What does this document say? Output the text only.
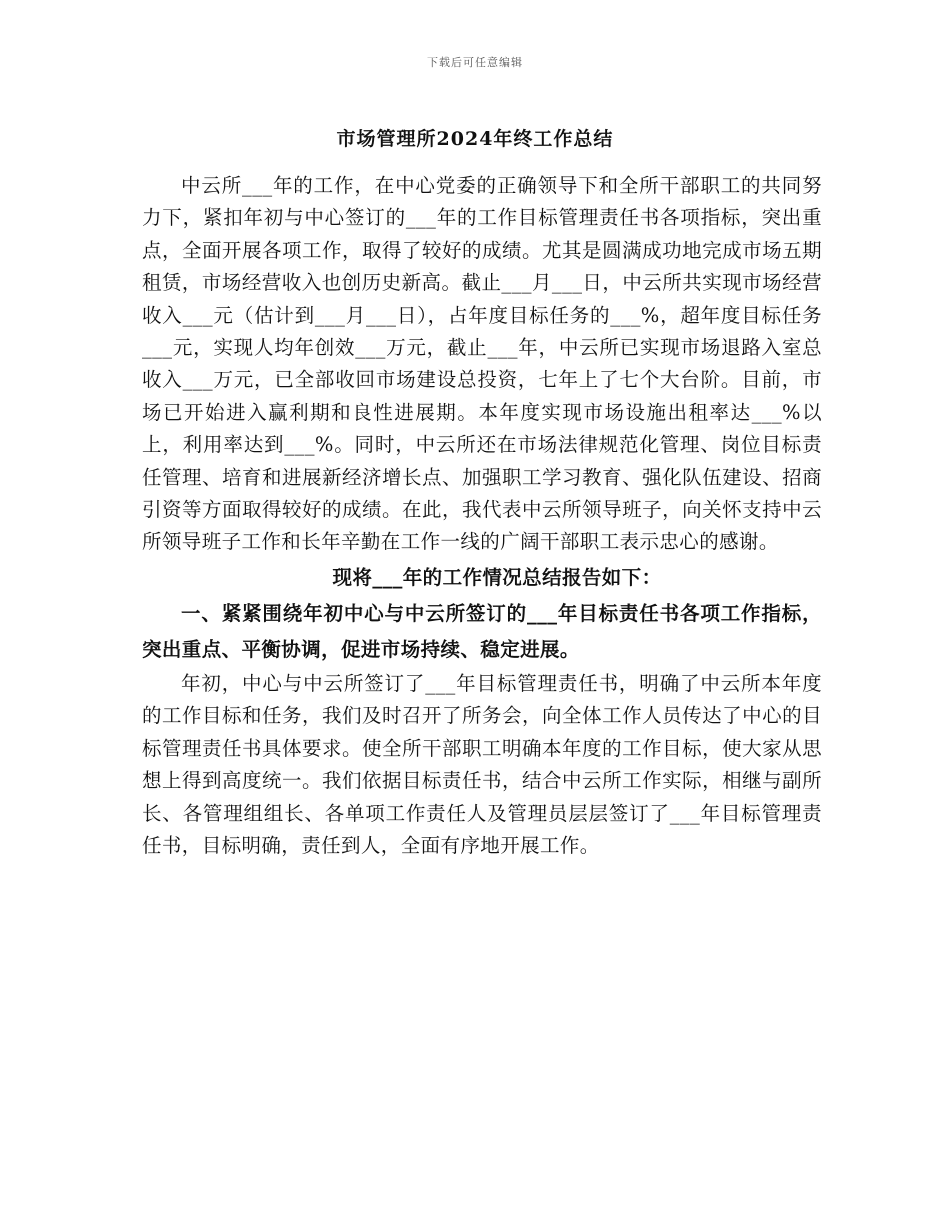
下载后可任意编辑
市场管理所2024年终工作总结

中云所___年的工作，在中心党委的正确领导下和全所干部职工的共同努力下，紧扣年初与中心签订的___年的工作目标管理责任书各项指标，突出重点，全面开展各项工作，取得了较好的成绩。尤其是圆满成功地完成市场五期租赁，市场经营收入也创历史新高。截止___月___日，中云所共实现市场经营收入___元（估计到___月___日），占年度目标任务的___%，超年度目标任务___元，实现人均年创效___万元，截止___年，中云所已实现市场退路入室总收入___万元，已全部收回市场建设总投资，七年上了七个大台阶。目前，市场已开始进入赢利期和良性进展期。本年度实现市场设施出租率达___%以上，利用率达到___%。同时，中云所还在市场法律规范化管理、岗位目标责任管理、培育和进展新经济增长点、加强职工学习教育、强化队伍建设、招商引资等方面取得较好的成绩。在此，我代表中云所领导班子，向关怀支持中云所领导班子工作和长年辛勤在工作一线的广阔干部职工表示忠心的感谢。

现将___年的工作情况总结报告如下：

一、紧紧围绕年初中心与中云所签订的___年目标责任书各项工作指标，突出重点、平衡协调，促进市场持续、稳定进展。

年初，中心与中云所签订了___年目标管理责任书，明确了中云所本年度的工作目标和任务，我们及时召开了所务会，向全体工作人员传达了中心的目标管理责任书具体要求。使全所干部职工明确本年度的工作目标，使大家从思想上得到高度统一。我们依据目标责任书，结合中云所工作实际，相继与副所长、各管理组组长、各单项工作责任人及管理员层层签订了___年目标管理责任书，目标明确，责任到人，全面有序地开展工作。
